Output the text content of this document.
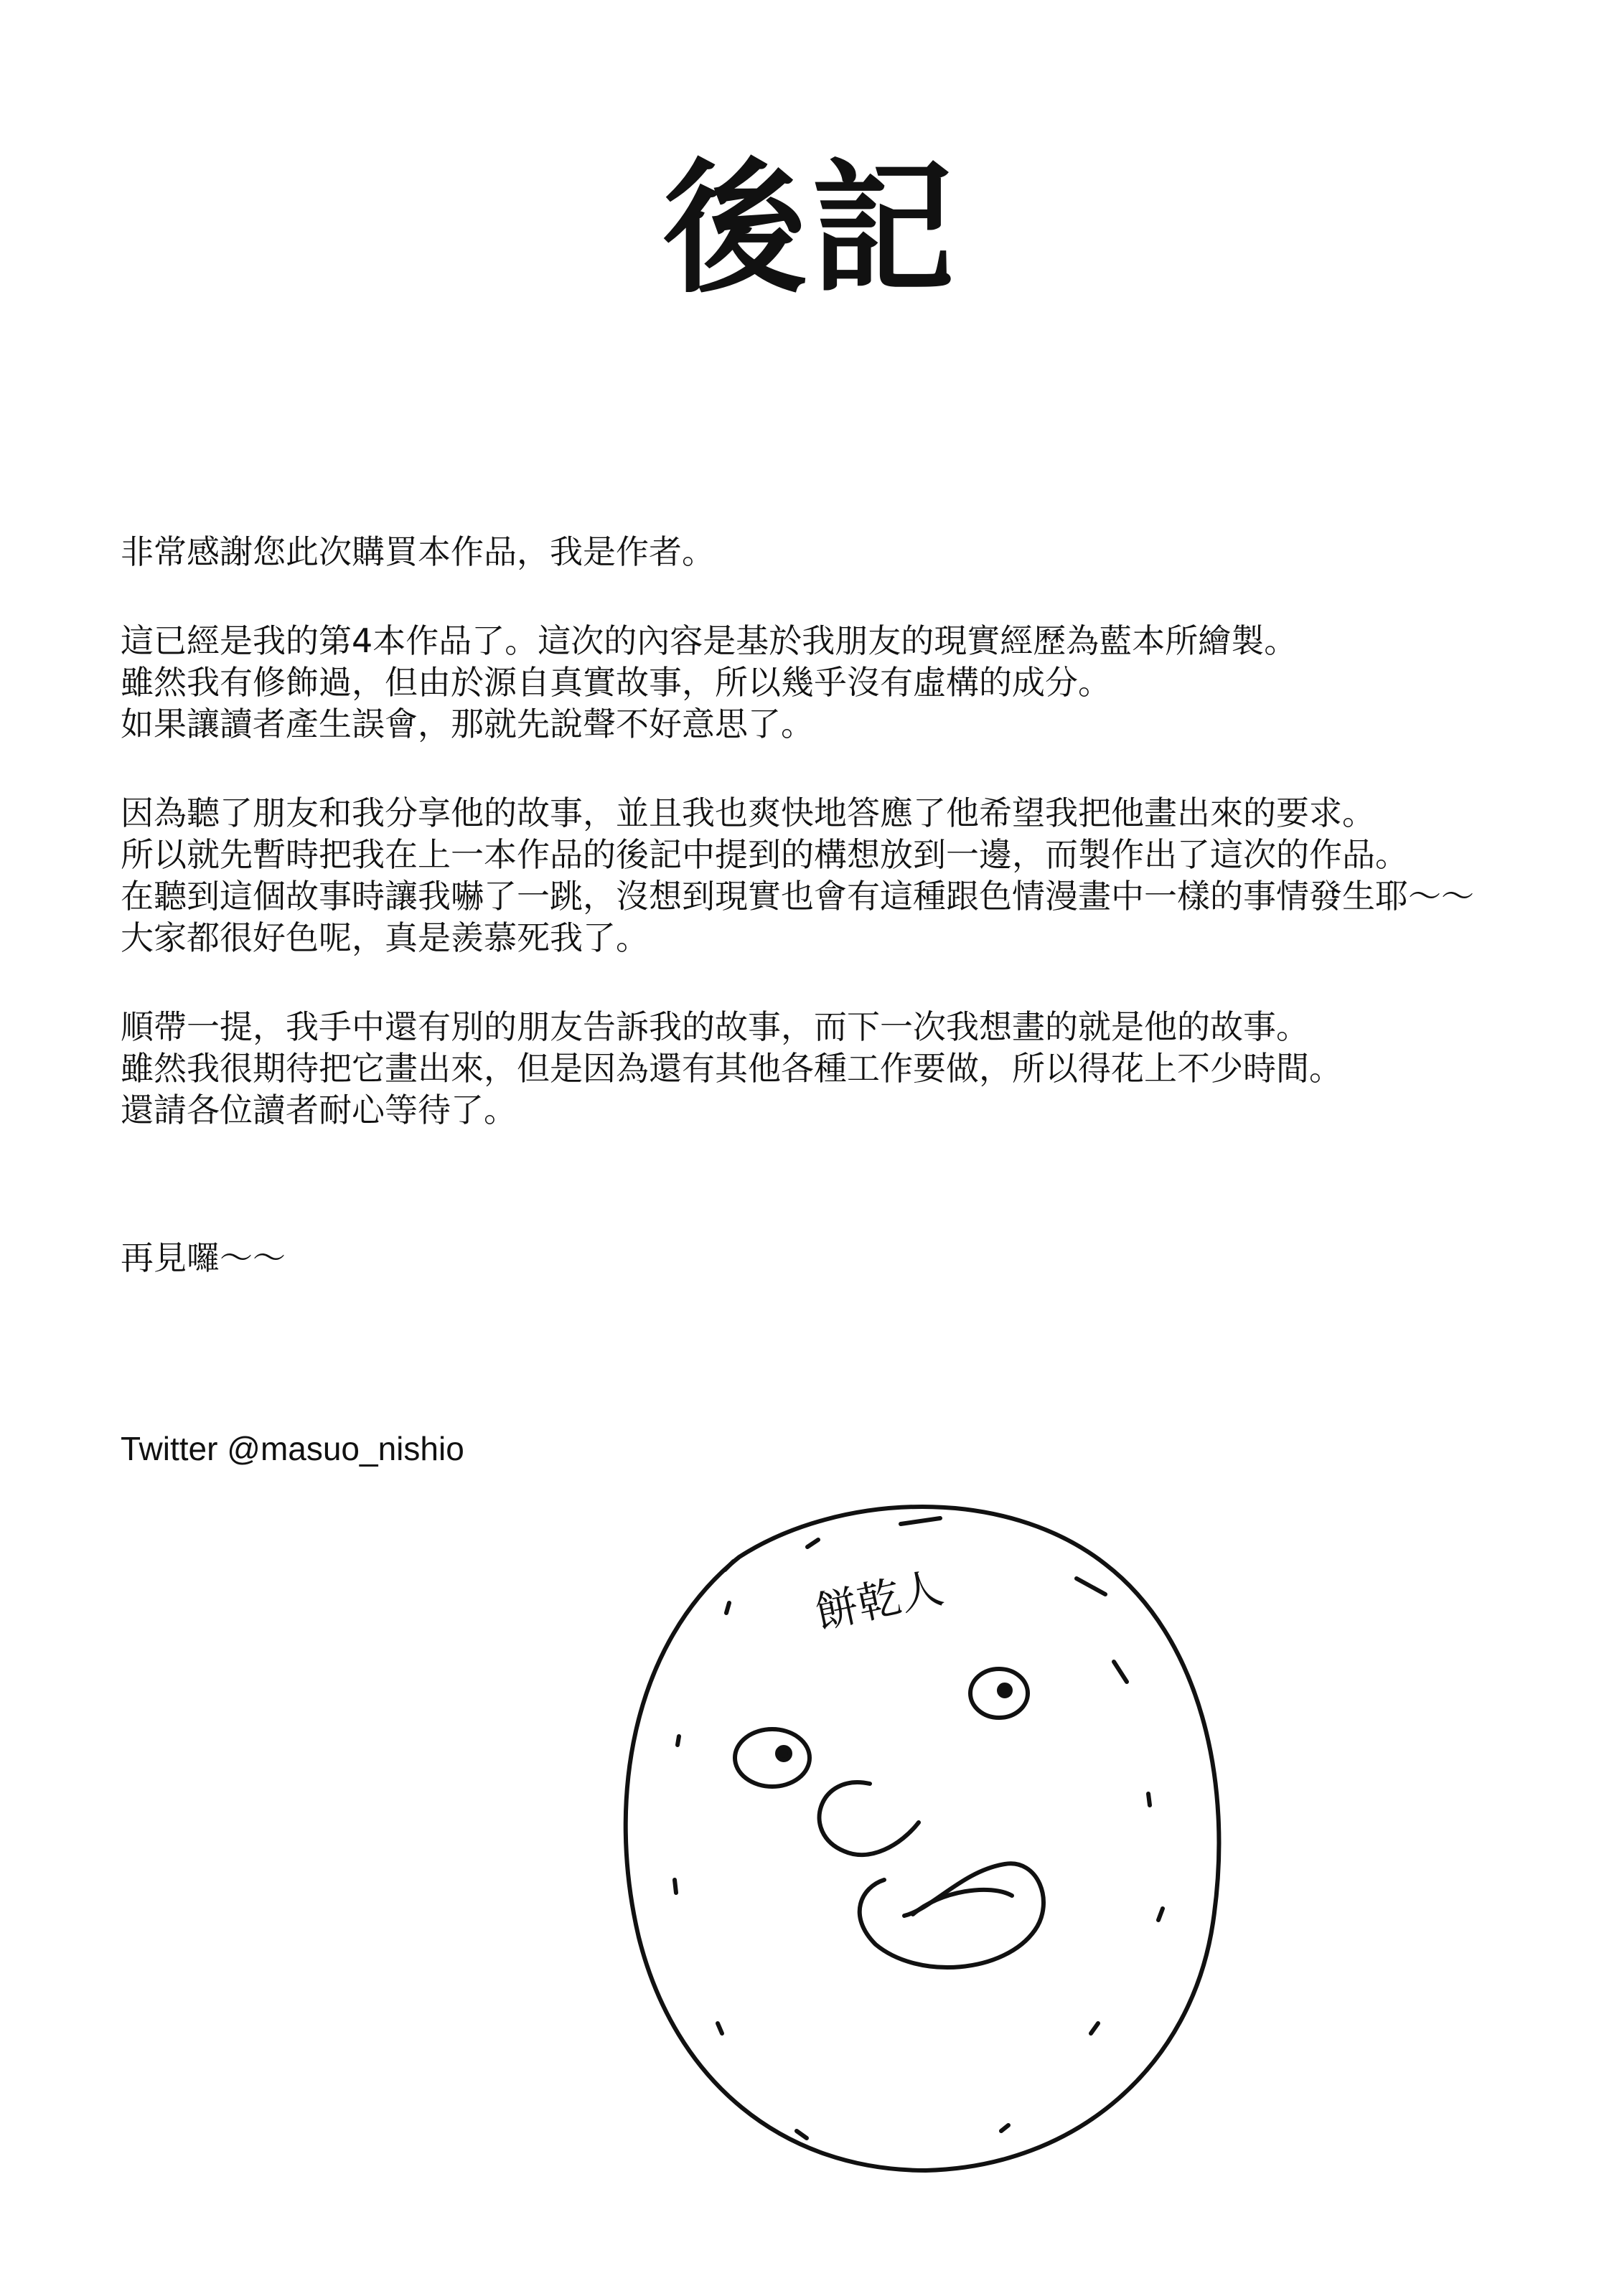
後記
非常感謝您此次購買本作品，我是作者。
這已經是我的第4本作品了。這次的內容是基於我朋友的現實經歷為藍本所繪製。
雖然我有修飾過，但由於源自真實故事，所以幾乎沒有虛構的成分。
如果讓讀者產生誤會，那就先說聲不好意思了。
因為聽了朋友和我分享他的故事，並且我也爽快地答應了他希望我把他畫出來的要求。
所以就先暫時把我在上一本作品的後記中提到的構想放到一邊，而製作出了這次的作品。
在聽到這個故事時讓我嚇了一跳，沒想到現實也會有這種跟色情漫畫中一樣的事情發生耶～～
大家都很好色呢，真是羨慕死我了。
順帶一提，我手中還有別的朋友告訴我的故事，而下一次我想畫的就是他的故事。
雖然我很期待把它畫出來，但是因為還有其他各種工作要做，所以得花上不少時間。
還請各位讀者耐心等待了。
再見囉～～
Twitter @masuo_nishio
餅乾人
